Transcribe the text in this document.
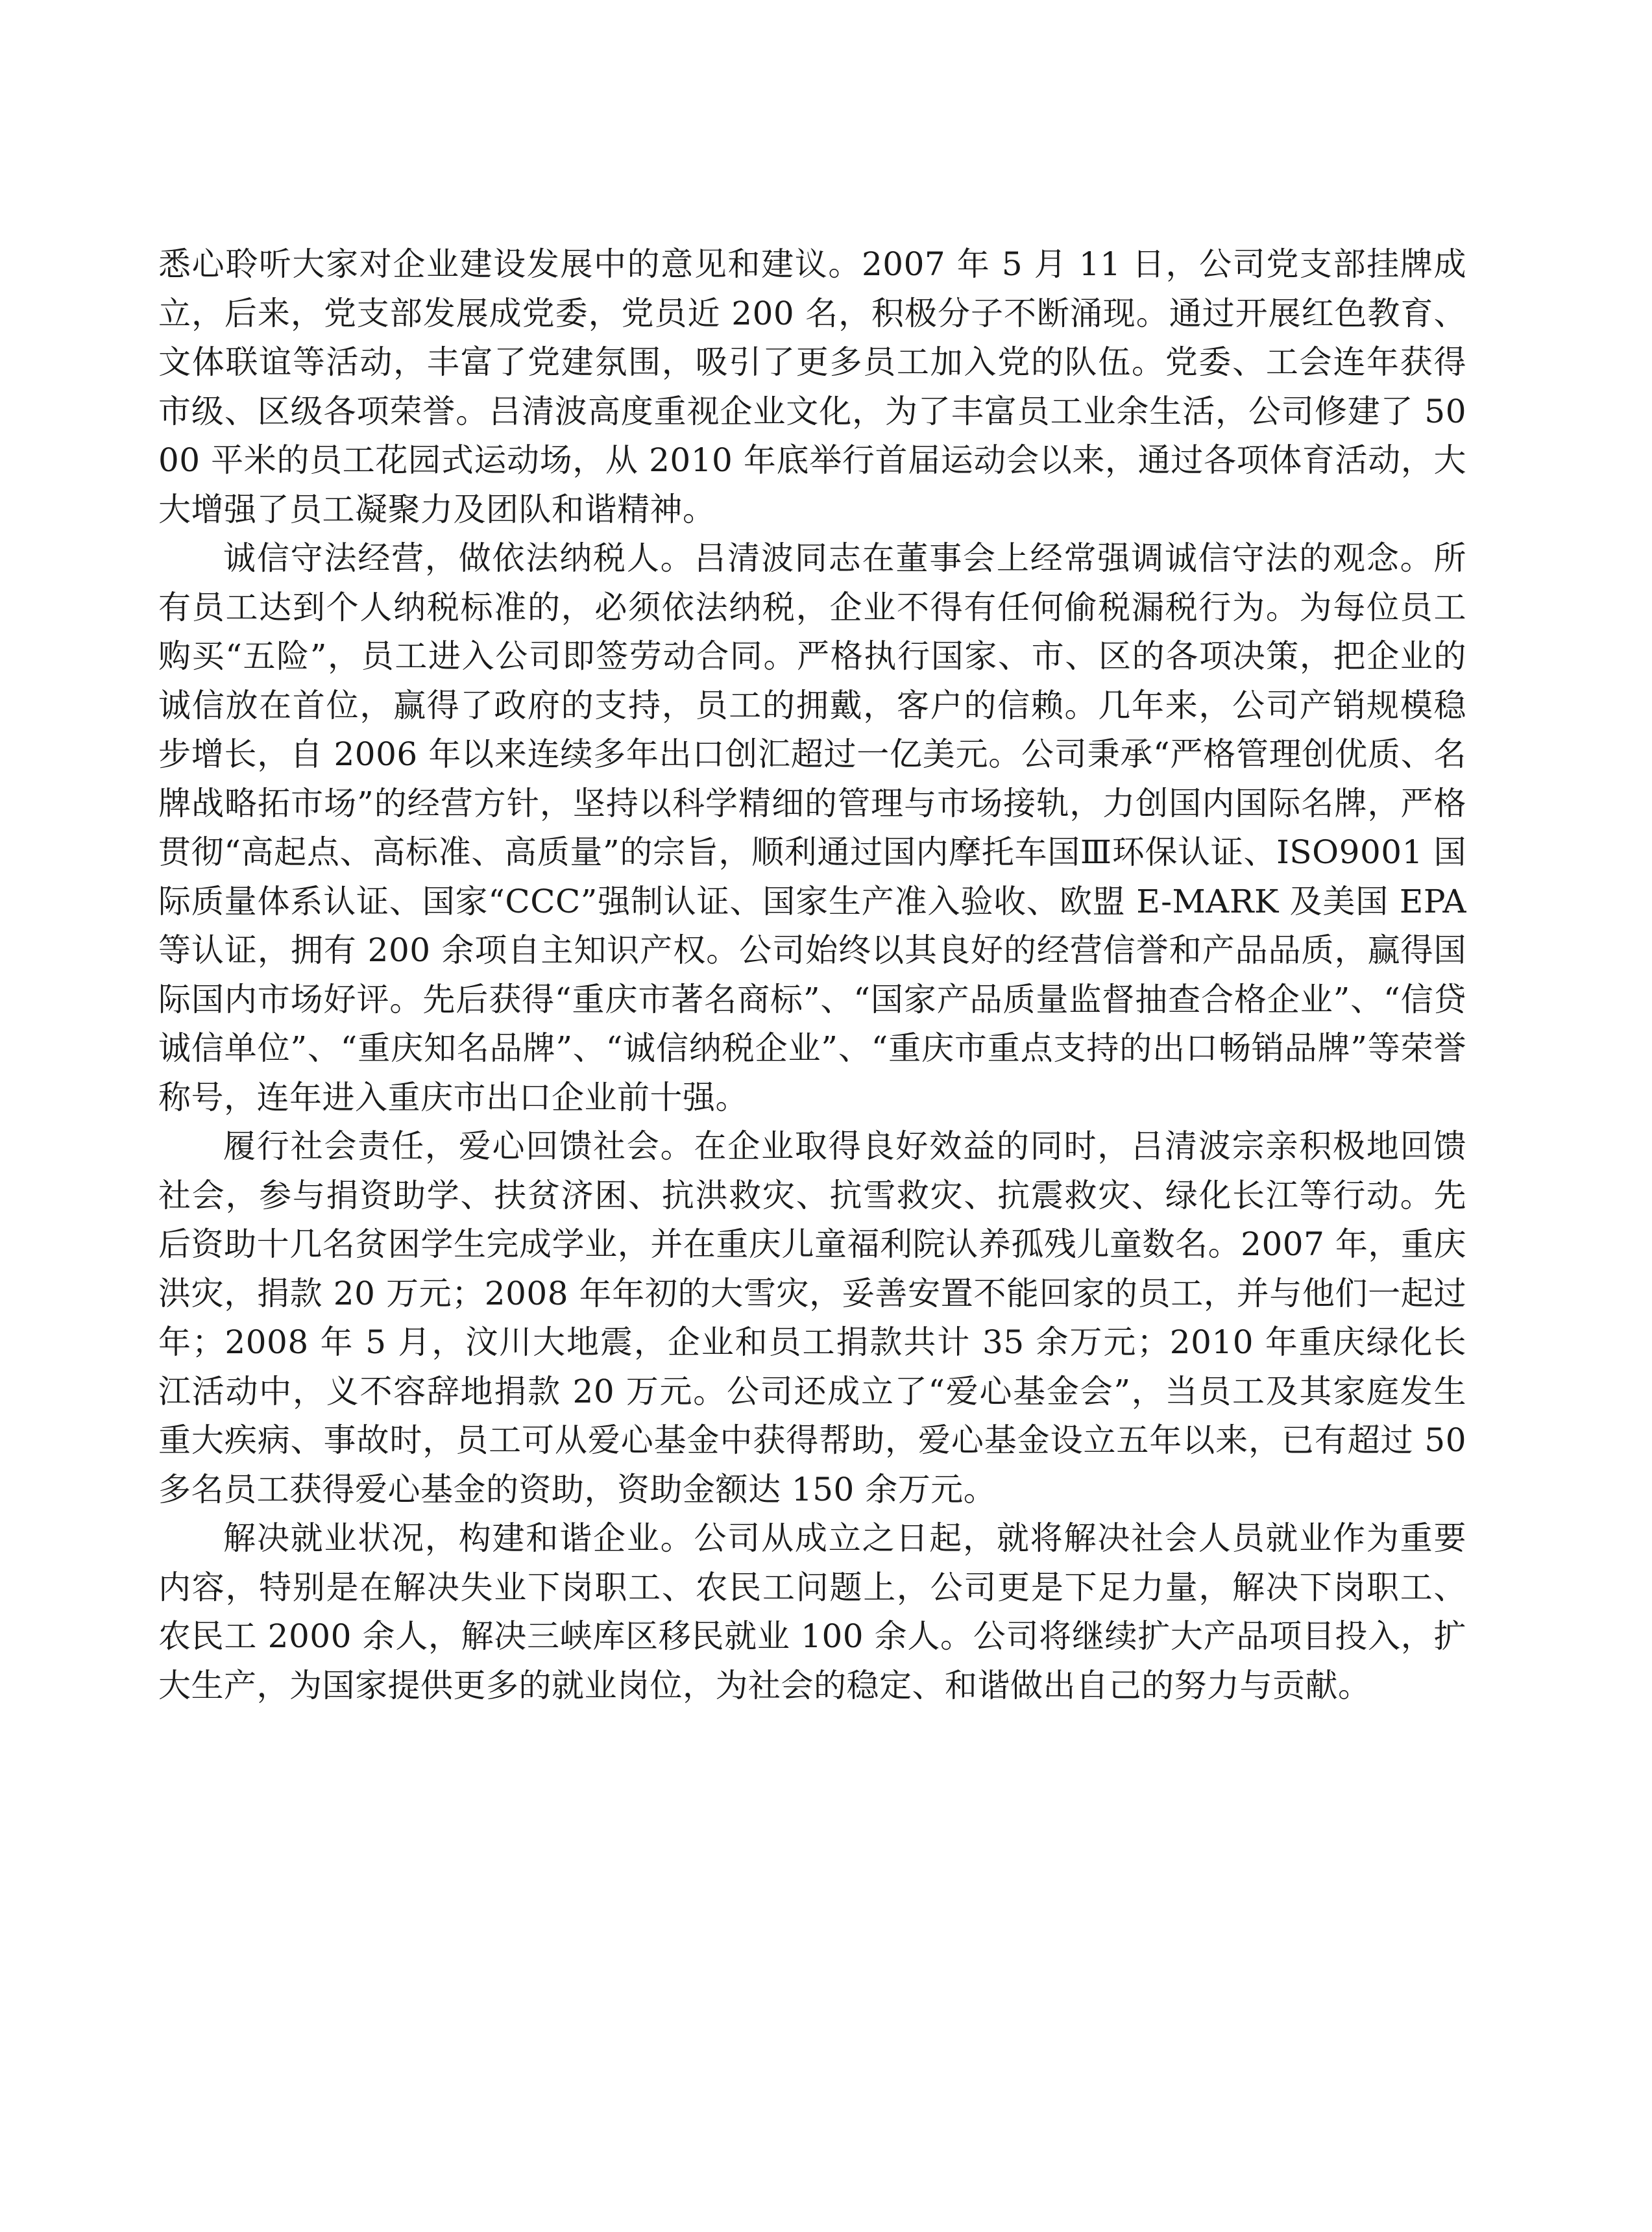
悉心聆听大家对企业建设发展中的意见和建议。2007 年 5 月 11 日，公司党支部挂牌成立，后来，党支部发展成党委，党员近 200 名，积极分子不断涌现。通过开展红色教育、文体联谊等活动，丰富了党建氛围，吸引了更多员工加入党的队伍。党委、工会连年获得市级、区级各项荣誉。吕清波高度重视企业文化，为了丰富员工业余生活，公司修建了 5000 平米的员工花园式运动场，从 2010 年底举行首届运动会以来，通过各项体育活动，大大增强了员工凝聚力及团队和谐精神。

诚信守法经营，做依法纳税人。吕清波同志在董事会上经常强调诚信守法的观念。所有员工达到个人纳税标准的，必须依法纳税，企业不得有任何偷税漏税行为。为每位员工购买“五险”，员工进入公司即签劳动合同。严格执行国家、市、区的各项决策，把企业的诚信放在首位，赢得了政府的支持，员工的拥戴，客户的信赖。几年来，公司产销规模稳步增长，自 2006 年以来连续多年出口创汇超过一亿美元。公司秉承“严格管理创优质、名牌战略拓市场”的经营方针，坚持以科学精细的管理与市场接轨，力创国内国际名牌，严格贯彻“高起点、高标准、高质量”的宗旨，顺利通过国内摩托车国Ⅲ环保认证、ISO9001 国际质量体系认证、国家“CCC”强制认证、国家生产准入验收、欧盟 E-MARK 及美国 EPA 等认证，拥有 200 余项自主知识产权。公司始终以其良好的经营信誉和产品品质，赢得国际国内市场好评。先后获得“重庆市著名商标”、“国家产品质量监督抽查合格企业”、“信贷诚信单位”、“重庆知名品牌”、“诚信纳税企业”、“重庆市重点支持的出口畅销品牌”等荣誉称号，连年进入重庆市出口企业前十强。

履行社会责任，爱心回馈社会。在企业取得良好效益的同时，吕清波宗亲积极地回馈社会，参与捐资助学、扶贫济困、抗洪救灾、抗雪救灾、抗震救灾、绿化长江等行动。先后资助十几名贫困学生完成学业，并在重庆儿童福利院认养孤残儿童数名。2007 年，重庆洪灾，捐款 20 万元；2008 年年初的大雪灾，妥善安置不能回家的员工，并与他们一起过年；2008 年 5 月，汶川大地震，企业和员工捐款共计 35 余万元；2010 年重庆绿化长江活动中，义不容辞地捐款 20 万元。公司还成立了“爱心基金会”，当员工及其家庭发生重大疾病、事故时，员工可从爱心基金中获得帮助，爱心基金设立五年以来，已有超过 50 多名员工获得爱心基金的资助，资助金额达 150 余万元。

解决就业状况，构建和谐企业。公司从成立之日起，就将解决社会人员就业作为重要内容，特别是在解决失业下岗职工、农民工问题上，公司更是下足力量，解决下岗职工、农民工 2000 余人，解决三峡库区移民就业 100 余人。公司将继续扩大产品项目投入，扩大生产，为国家提供更多的就业岗位，为社会的稳定、和谐做出自己的努力与贡献。
